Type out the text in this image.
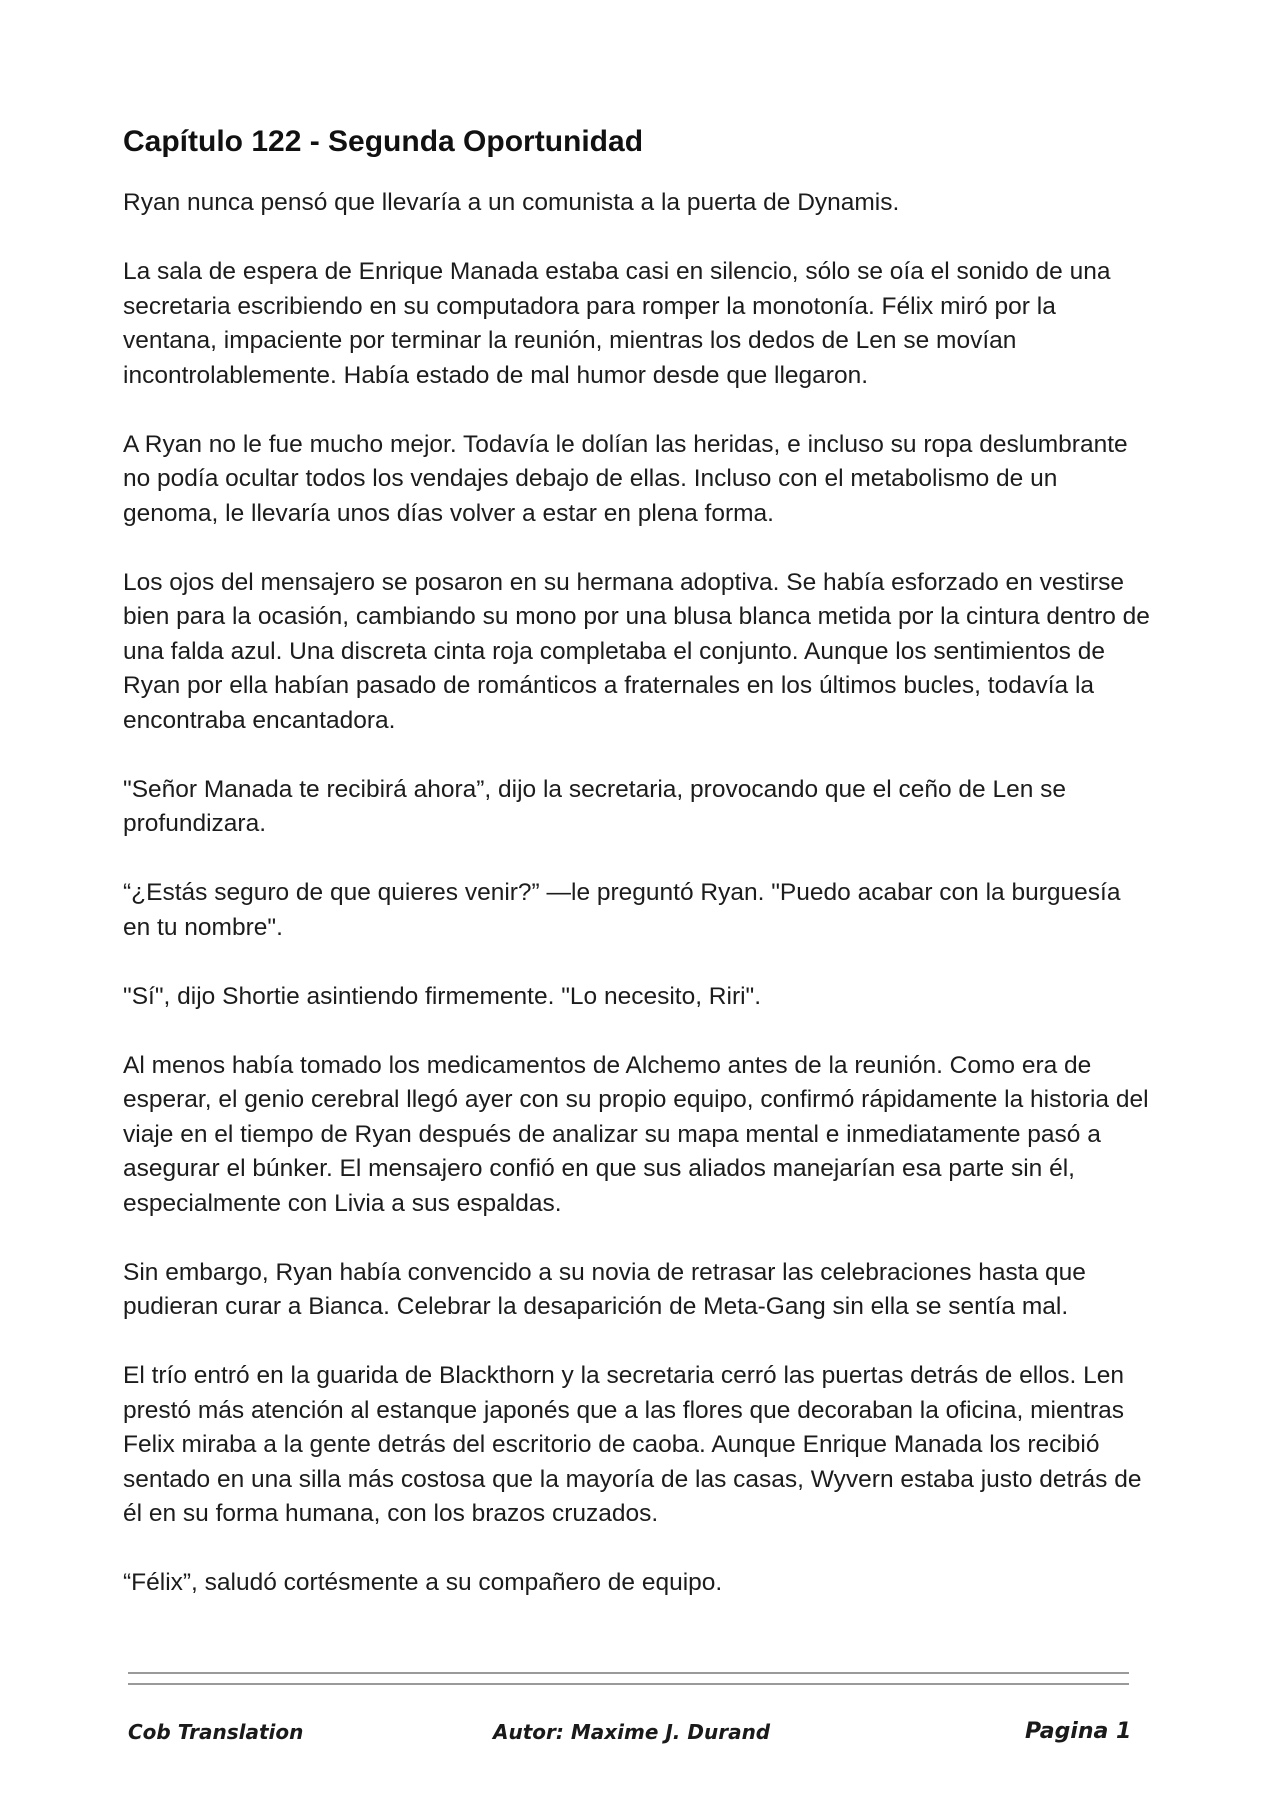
Capítulo 122 - Segunda Oportunidad

Ryan nunca pensó que llevaría a un comunista a la puerta de Dynamis.

La sala de espera de Enrique Manada estaba casi en silencio, sólo se oía el sonido de una secretaria escribiendo en su computadora para romper la monotonía. Félix miró por la ventana, impaciente por terminar la reunión, mientras los dedos de Len se movían incontrolablemente. Había estado de mal humor desde que llegaron.

A Ryan no le fue mucho mejor. Todavía le dolían las heridas, e incluso su ropa deslumbrante no podía ocultar todos los vendajes debajo de ellas. Incluso con el metabolismo de un genoma, le llevaría unos días volver a estar en plena forma.

Los ojos del mensajero se posaron en su hermana adoptiva. Se había esforzado en vestirse bien para la ocasión, cambiando su mono por una blusa blanca metida por la cintura dentro de una falda azul. Una discreta cinta roja completaba el conjunto. Aunque los sentimientos de Ryan por ella habían pasado de románticos a fraternales en los últimos bucles, todavía la encontraba encantadora.

"Señor Manada te recibirá ahora”, dijo la secretaria, provocando que el ceño de Len se profundizara.

“¿Estás seguro de que quieres venir?” —le preguntó Ryan. "Puedo acabar con la burguesía en tu nombre".

"Sí", dijo Shortie asintiendo firmemente. "Lo necesito, Riri".

Al menos había tomado los medicamentos de Alchemo antes de la reunión. Como era de esperar, el genio cerebral llegó ayer con su propio equipo, confirmó rápidamente la historia del viaje en el tiempo de Ryan después de analizar su mapa mental e inmediatamente pasó a asegurar el búnker. El mensajero confió en que sus aliados manejarían esa parte sin él, especialmente con Livia a sus espaldas.

Sin embargo, Ryan había convencido a su novia de retrasar las celebraciones hasta que pudieran curar a Bianca. Celebrar la desaparición de Meta-Gang sin ella se sentía mal.

El trío entró en la guarida de Blackthorn y la secretaria cerró las puertas detrás de ellos. Len prestó más atención al estanque japonés que a las flores que decoraban la oficina, mientras Felix miraba a la gente detrás del escritorio de caoba. Aunque Enrique Manada los recibió sentado en una silla más costosa que la mayoría de las casas, Wyvern estaba justo detrás de él en su forma humana, con los brazos cruzados.

“Félix”, saludó cortésmente a su compañero de equipo.

Cob Translation	Autor: Maxime J. Durand	Pagina 1
